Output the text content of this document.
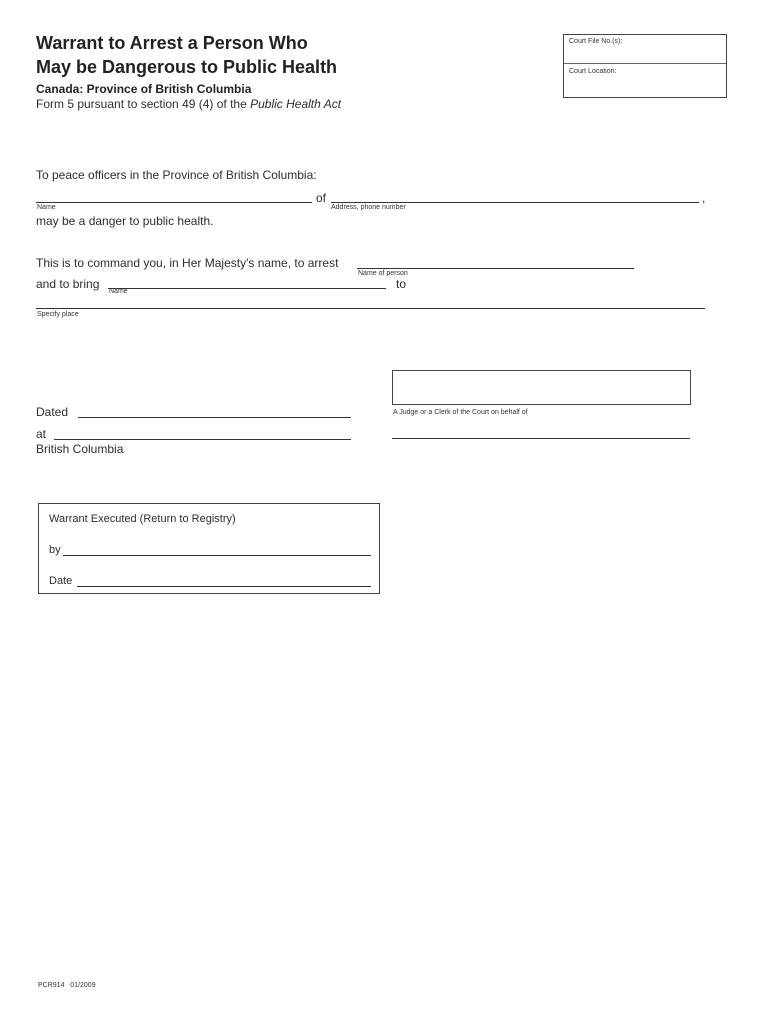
Warrant to Arrest a Person Who
May be Dangerous to Public Health
Canada: Province of British Columbia
Form 5 pursuant to section 49 (4) of the Public Health Act
Court File No.(s):
Court Location:
To peace officers in the Province of British Columbia:
of	,
Name	Address, phone number
may be a danger to public health.
This is to command you, in Her Majesty's name, to arrest
Name of person
and to bring
Name
to
Specify place
A Judge or a Clerk of the Court on behalf of
Dated
at
British Columbia
Warrant Executed (Return to Registry)
by
Date
PCR914   01/2009
